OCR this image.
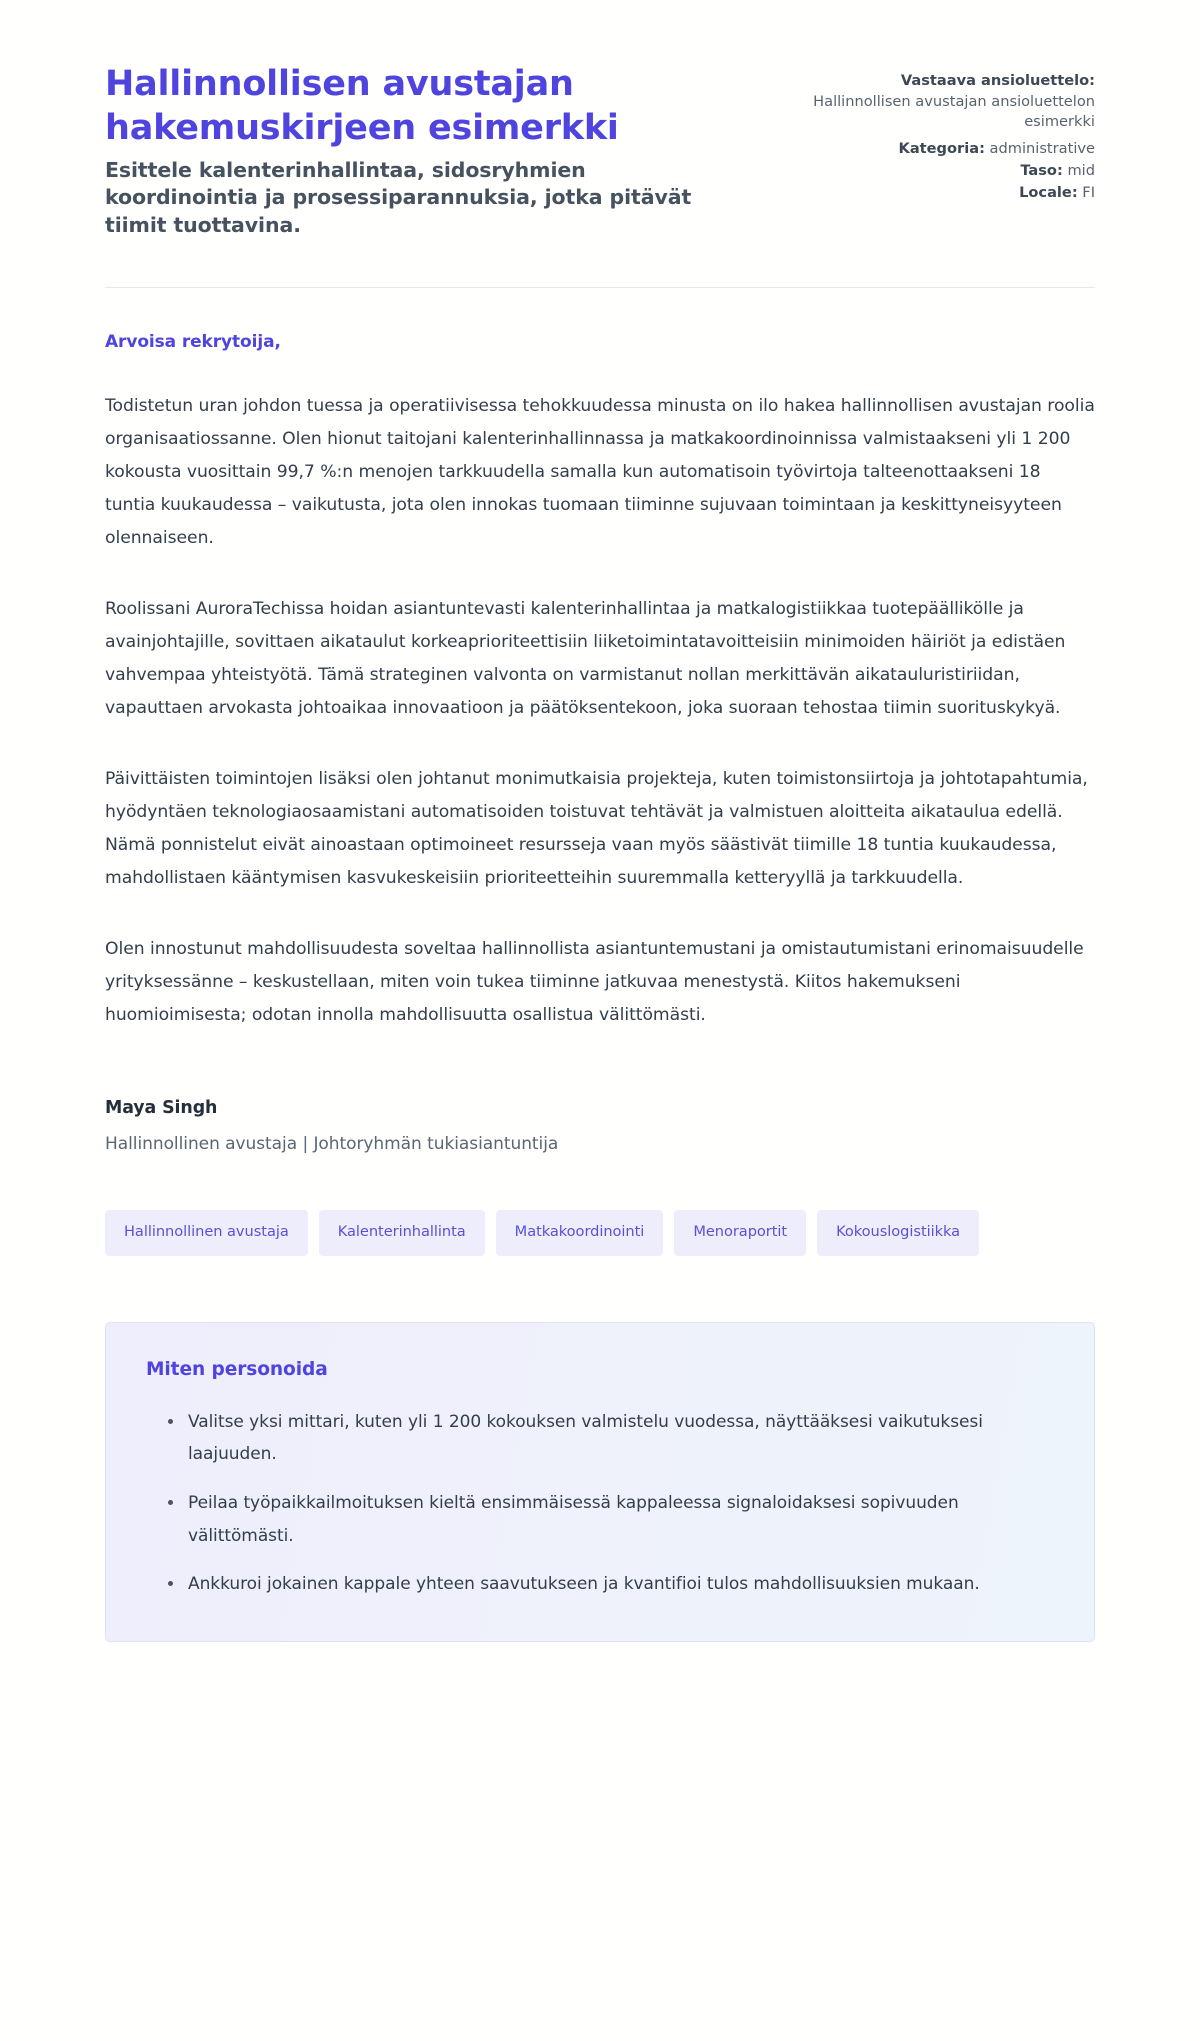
Hallinnollisen avustajan hakemuskirjeen esimerkki

Esittele kalenterinhallintaa, sidosryhmien koordinointia ja prosessiparannuksia, jotka pitävät tiimit tuottavina.

Vastaava ansioluettelo:
Hallinnollisen avustajan ansioluettelon esimerkki
Kategoria: administrative
Taso: mid
Locale: FI

Arvoisa rekrytoija,

Todistetun uran johdon tuessa ja operatiivisessa tehokkuudessa minusta on ilo hakea hallinnollisen avustajan roolia organisaatiossanne. Olen hionut taitojani kalenterinhallinnassa ja matkakoordinoinnissa valmistaakseni yli 1 200 kokousta vuosittain 99,7 %:n menojen tarkkuudella samalla kun automatisoin työvirtoja talteenottaakseni 18 tuntia kuukaudessa – vaikutusta, jota olen innokas tuomaan tiiminne sujuvaan toimintaan ja keskittyneisyyteen olennaiseen.

Roolissani AuroraTechissa hoidan asiantuntevasti kalenterinhallintaa ja matkalogistiikkaa tuotepäällikölle ja avainjohtajille, sovittaen aikataulut korkeaprioriteettisiin liiketoimintatavoitteisiin minimoiden häiriöt ja edistäen vahvempaa yhteistyötä. Tämä strateginen valvonta on varmistanut nollan merkittävän aikatauluristiriidan, vapauttaen arvokasta johtoaikaa innovaatioon ja päätöksentekoon, joka suoraan tehostaa tiimin suorituskykyä.

Päivittäisten toimintojen lisäksi olen johtanut monimutkaisia projekteja, kuten toimistonsiirtoja ja johtotapahtumia, hyödyntäen teknologiaosaamistani automatisoiden toistuvat tehtävät ja valmistuen aloitteita aikataulua edellä. Nämä ponnistelut eivät ainoastaan optimoineet resursseja vaan myös säästivät tiimille 18 tuntia kuukaudessa, mahdollistaen kääntymisen kasvukeskeisiin prioriteetteihin suuremmalla ketteryyllä ja tarkkuudella.

Olen innostunut mahdollisuudesta soveltaa hallinnollista asiantuntemustani ja omistautumistani erinomaisuudelle yrityksessänne – keskustellaan, miten voin tukea tiiminne jatkuvaa menestystä. Kiitos hakemukseni huomioimisesta; odotan innolla mahdollisuutta osallistua välittömästi.

Maya Singh

Hallinnollinen avustaja | Johtoryhmän tukiasiantuntija

Hallinnollinen avustaja	Kalenterinhallinta	Matkakoordinointi	Menoraportit	Kokouslogistiikka
Miten personoida
Valitse yksi mittari, kuten yli 1 200 kokouksen valmistelu vuodessa, näyttääksesi vaikutuksesi laajuuden.
Peilaa työpaikkailmoituksen kieltä ensimmäisessä kappaleessa signaloidaksesi sopivuuden välittömästi.
Ankkuroi jokainen kappale yhteen saavutukseen ja kvantifioi tulos mahdollisuuksien mukaan.
